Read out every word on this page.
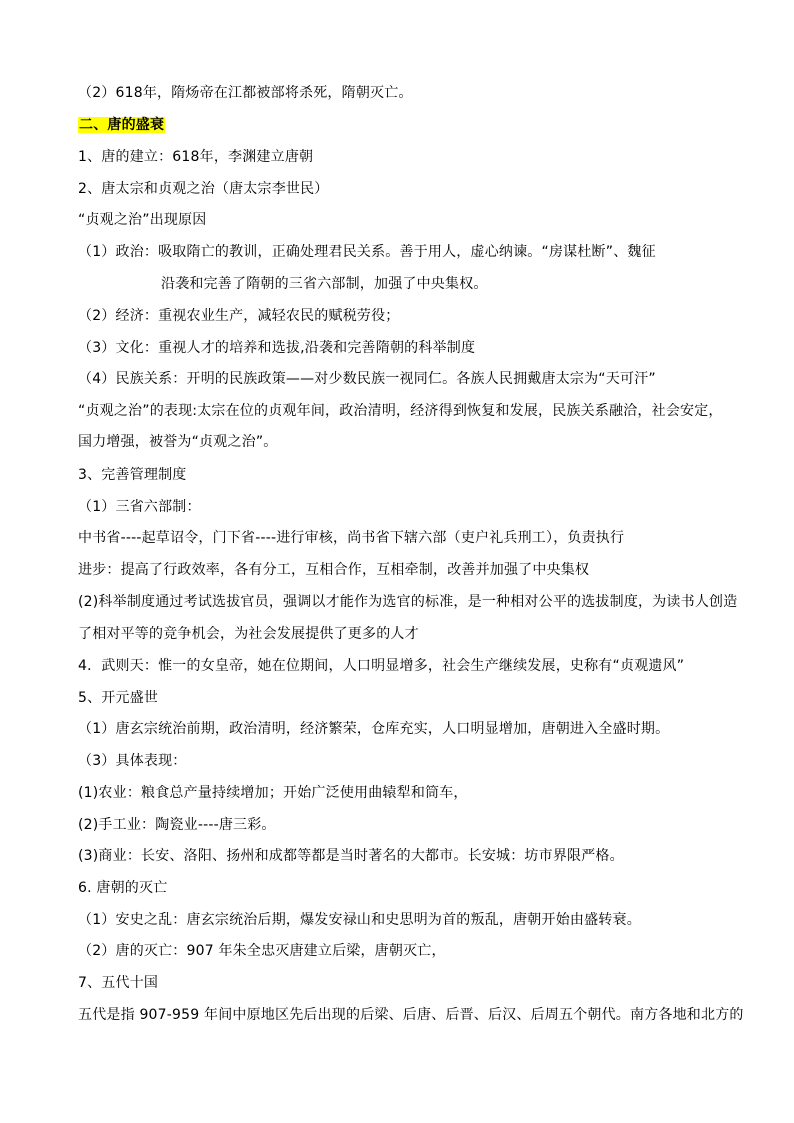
（2）618年，隋炀帝在江都被部将杀死，隋朝灭亡。
二、唐的盛衰
1、唐的建立：618年，李渊建立唐朝
2、唐太宗和贞观之治（唐太宗李世民）
“贞观之治”出现原因
（1）政治：吸取隋亡的教训，正确处理君民关系。善于用人，虚心纳谏。“房谋杜断”、魏征
沿袭和完善了隋朝的三省六部制，加强了中央集权。
（2）经济：重视农业生产，减轻农民的赋税劳役；
（3）文化：重视人才的培养和选拔,沿袭和完善隋朝的科举制度
（4）民族关系：开明的民族政策——对少数民族一视同仁。各族人民拥戴唐太宗为“天可汗”
“贞观之治”的表现:太宗在位的贞观年间，政治清明，经济得到恢复和发展，民族关系融洽，社会安定，
国力增强，被誉为“贞观之治”。
3、完善管理制度
（1）三省六部制：
中书省----起草诏令，门下省----进行审核，尚书省下辖六部（吏户礼兵刑工），负责执行
进步：提高了行政效率，各有分工，互相合作，互相牵制，改善并加强了中央集权
(2)科举制度通过考试选拔官员，强调以才能作为选官的标准，是一种相对公平的选拔制度，为读书人创造
了相对平等的竞争机会，为社会发展提供了更多的人才
4．武则天：惟一的女皇帝，她在位期间，人口明显增多，社会生产继续发展，史称有“贞观遗风”
5、开元盛世
（1）唐玄宗统治前期，政治清明，经济繁荣，仓库充实，人口明显增加，唐朝进入全盛时期。
（3）具体表现：
(1)农业：粮食总产量持续增加；开始广泛使用曲辕犁和筒车，
(2)手工业：陶瓷业----唐三彩。
(3)商业：长安、洛阳、扬州和成都等都是当时著名的大都市。长安城：坊市界限严格。
6. 唐朝的灭亡
（1）安史之乱：唐玄宗统治后期，爆发安禄山和史思明为首的叛乱，唐朝开始由盛转衰。
（2）唐的灭亡：907 年朱全忠灭唐建立后梁，唐朝灭亡，
7、五代十国
五代是指 907-959 年间中原地区先后出现的后梁、后唐、后晋、后汉、后周五个朝代。南方各地和北方的
